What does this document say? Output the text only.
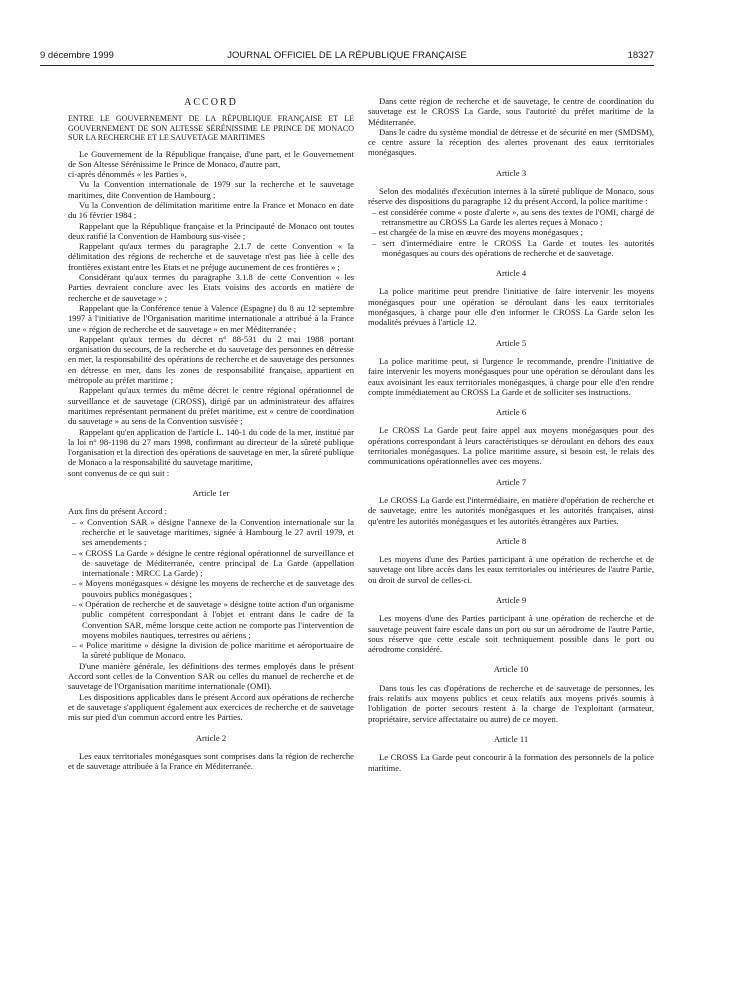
9 décembre 1999	JOURNAL OFFICIEL DE LA RÉPUBLIQUE FRANÇAISE	18327
ACCORD
ENTRE LE GOUVERNEMENT DE LA RÉPUBLIQUE FRANÇAISE ET LE GOUVERNEMENT DE SON ALTESSE SÉRÉNISSIME LE PRINCE DE MONACO SUR LA RECHERCHE ET LE SAUVETAGE MARITIMES

Le Gouvernement de la République française, d'une part, et le Gouvernement de Son Altesse Sérénissime le Prince de Monaco, d'autre part,

ci-après dénommés « les Parties »,

Vu la Convention internationale de 1979 sur la recherche et le sauvetage maritimes, dite Convention de Hambourg ;

Vu la Convention de délimitation maritime entre la France et Monaco en date du 16 février 1984 ;

Rappelant que la République française et la Principauté de Monaco ont toutes deux ratifié la Convention de Hambourg sus-visée ;

Rappelant qu'aux termes du paragraphe 2.1.7 de cette Convention « la délimitation des régions de recherche et de sauvetage n'est pas liée à celle des frontières existant entre les Etats et ne préjuge aucunement de ces frontières » ;

Considérant qu'aux termes du paragraphe 3.1.8 de cette Convention « les Parties devraient conclure avec les Etats voisins des accords en matière de recherche et de sauvetage » ;

Rappelant que la Conférence tenue à Valence (Espagne) du 8 au 12 septembre 1997 à l'initiative de l'Organisation maritime internationale a attribué à la France une « région de recherche et de sauvetage » en mer Méditerranée ;

Rappelant qu'aux termes du décret n° 88-531 du 2 mai 1988 portant organisation du secours, de la recherche et du sauvetage des personnes en détresse en mer, la responsabilité des opérations de recherche et de sauvetage des personnes en détresse en mer, dans les zones de responsabilité française, appartient en métropole au préfet maritime ;

Rappelant qu'aux termes du même décret le centre régional opérationnel de surveillance et de sauvetage (CROSS), dirigé par un administrateur des affaires maritimes représentant permanent du préfet maritime, est « centre de coordination du sauvetage » au sens de la Convention susvisée ;

Rappelant qu'en application de l'article L. 140-1 du code de la mer, institué par la loi n° 98-1198 du 27 mars 1998, confirmant au directeur de la sûreté publique l'organisation et la direction des opérations de sauvetage en mer, la sûreté publique de Monaco a la responsabilité du sauvetage maritime,

sont convenus de ce qui suit :

Article 1er

Aux fins du présent Accord :

– « Convention SAR » désigne l'annexe de la Convention internationale sur la recherche et le sauvetage maritimes, signée à Hambourg le 27 avril 1979, et ses amendements ;
– « CROSS La Garde » désigne le centre régional opérationnel de surveillance et de sauvetage de Méditerranée, centre principal de La Garde (appellation internationale : MRCC La Garde) ;
– « Moyens monégasques » désigne les moyens de recherche et de sauvetage des pouvoirs publics monégasques ;
– « Opération de recherche et de sauvetage » désigne toute action d'un organisme public compétent correspondant à l'objet et entrant dans le cadre de la Convention SAR, même lorsque cette action ne comporte pas l'intervention de moyens mobiles nautiques, terrestres ou aériens ;
– « Police maritime » désigne la division de police maritime et aéroportuaire de la sûreté publique de Monaco.

D'une manière générale, les définitions des termes employés dans le présent Accord sont celles de la Convention SAR ou celles du manuel de recherche et de sauvetage de l'Organisation maritime internationale (OMI).

Les dispositions applicables dans le présent Accord aux opérations de recherche et de sauvetage s'appliquent également aux exercices de recherche et de sauvetage mis sur pied d'un commun accord entre les Parties.

Article 2

Les eaux territoriales monégasques sont comprises dans la région de recherche et de sauvetage attribuée à la France en Méditerranée.

Dans cette région de recherche et de sauvetage, le centre de coordination du sauvetage est le CROSS La Garde, sous l'autorité du préfet maritime de la Méditerranée.

Dans le cadre du système mondial de détresse et de sécurité en mer (SMDSM), ce centre assure la réception des alertes provenant des eaux territoriales monégasques.

Article 3

Selon des modalités d'exécution internes à la sûreté publique de Monaco, sous réserve des dispositions du paragraphe 12 du présent Accord, la police maritime :

– est considérée comme « poste d'alerte », au sens des textes de l'OMI, chargé de retransmettre au CROSS La Garde les alertes reçues à Monaco ;
– est chargée de la mise en œuvre des moyens monégasques ;
– sert d'intermédiaire entre le CROSS La Garde et toutes les autorités monégasques au cours des opérations de recherche et de sauvetage.

Article 4

La police maritime peut prendre l'initiative de faire intervenir les moyens monégasques pour une opération se déroulant dans les eaux territoriales monégasques, à charge pour elle d'en informer le CROSS La Garde selon les modalités prévues à l'article 12.

Article 5

La police maritime peut, si l'urgence le recommande, prendre l'initiative de faire intervenir les moyens monégasques pour une opération se déroulant dans les eaux avoisinant les eaux territoriales monégasques, à charge pour elle d'en rendre compte immédiatement au CROSS La Garde et de solliciter ses instructions.

Article 6

Le CROSS La Garde peut faire appel aux moyens monégasques pour des opérations correspondant à leurs caractéristiques se déroulant en dehors des eaux territoriales monégasques. La police maritime assure, si besoin est, le relais des communications opérationnelles avec ces moyens.

Article 7

Le CROSS La Garde est l'intermédiaire, en matière d'opération de recherche et de sauvetage, entre les autorités monégasques et les autorités françaises, ainsi qu'entre les autorités monégasques et les autorités étrangères aux Parties.

Article 8

Les moyens d'une des Parties participant à une opération de recherche et de sauvetage ont libre accès dans les eaux territoriales ou intérieures de l'autre Partie, ou droit de survol de celles-ci.

Article 9

Les moyens d'une des Parties participant à une opération de recherche et de sauvetage peuvent faire escale dans un port ou sur un aérodrome de l'autre Partie, sous réserve que cette escale soit techniquement possible dans le port ou aérodrome considéré.

Article 10

Dans tous les cas d'opérations de recherche et de sauvetage de personnes, les frais relatifs aux moyens publics et ceux relatifs aux moyens privés soumis à l'obligation de porter secours restent à la charge de l'exploitant (armateur, propriétaire, service affectataire ou autre) de ce moyen.

Article 11

Le CROSS La Garde peut concourir à la formation des personnels de la police maritime.
